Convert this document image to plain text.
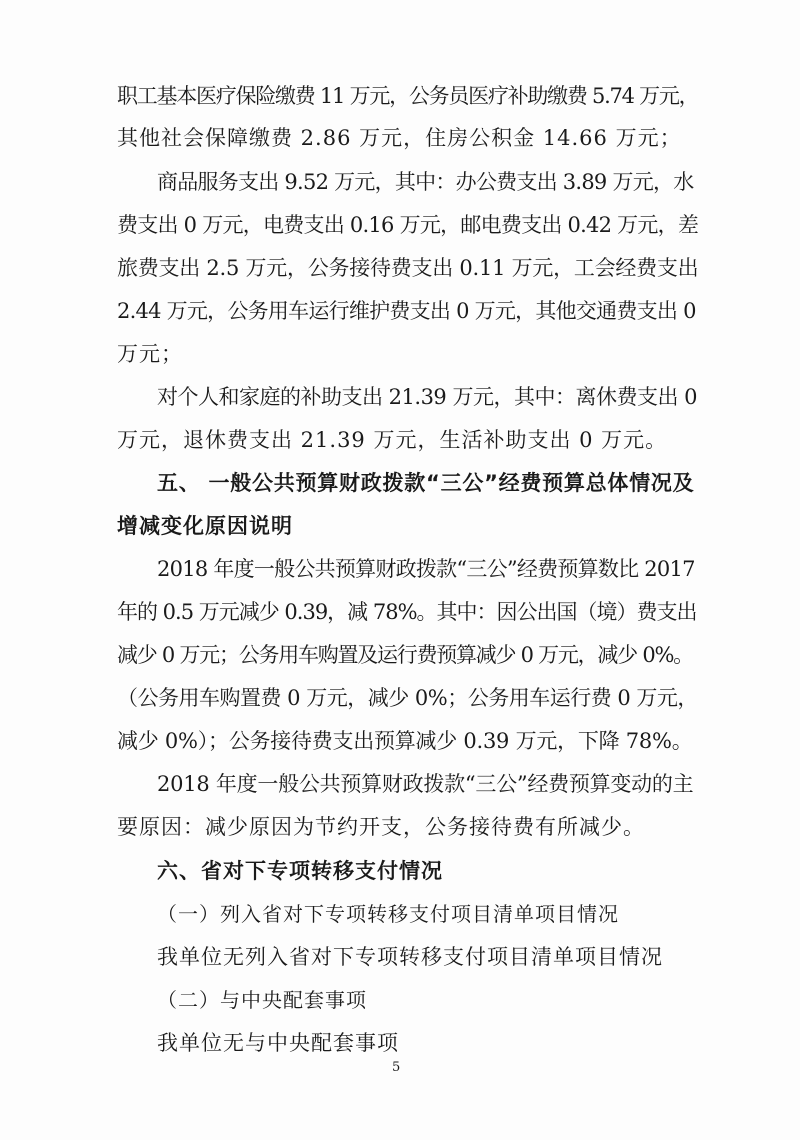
职工基本医疗保险缴费 11 万元，公务员医疗补助缴费 5.74 万元，
其他社会保障缴费 2.86 万元，住房公积金 14.66 万元；
商品服务支出 9.52 万元，其中：办公费支出 3.89 万元，水
费支出 0 万元，电费支出 0.16 万元，邮电费支出 0.42 万元，差
旅费支出 2.5 万元，公务接待费支出 0.11 万元，工会经费支出
2.44 万元，公务用车运行维护费支出 0 万元，其他交通费支出 0
万元；
对个人和家庭的补助支出 21.39 万元，其中：离休费支出 0
万元，退休费支出 21.39 万元，生活补助支出 0 万元。
五、 一般公共预算财政拨款“三公”经费预算总体情况及
增减变化原因说明
2018 年度一般公共预算财政拨款“三公”经费预算数比 2017
年的 0.5 万元减少 0.39，减 78%。其中：因公出国（境）费支出
减少 0 万元；公务用车购置及运行费预算减少 0 万元，减少 0%。
（公务用车购置费 0 万元，减少 0%；公务用车运行费 0 万元，
减少 0%）；公务接待费支出预算减少 0.39 万元，下降 78%。
2018 年度一般公共预算财政拨款“三公”经费预算变动的主
要原因：减少原因为节约开支，公务接待费有所减少。
六、省对下专项转移支付情况
（一）列入省对下专项转移支付项目清单项目情况
我单位无列入省对下专项转移支付项目清单项目情况
（二）与中央配套事项
我单位无与中央配套事项
5
